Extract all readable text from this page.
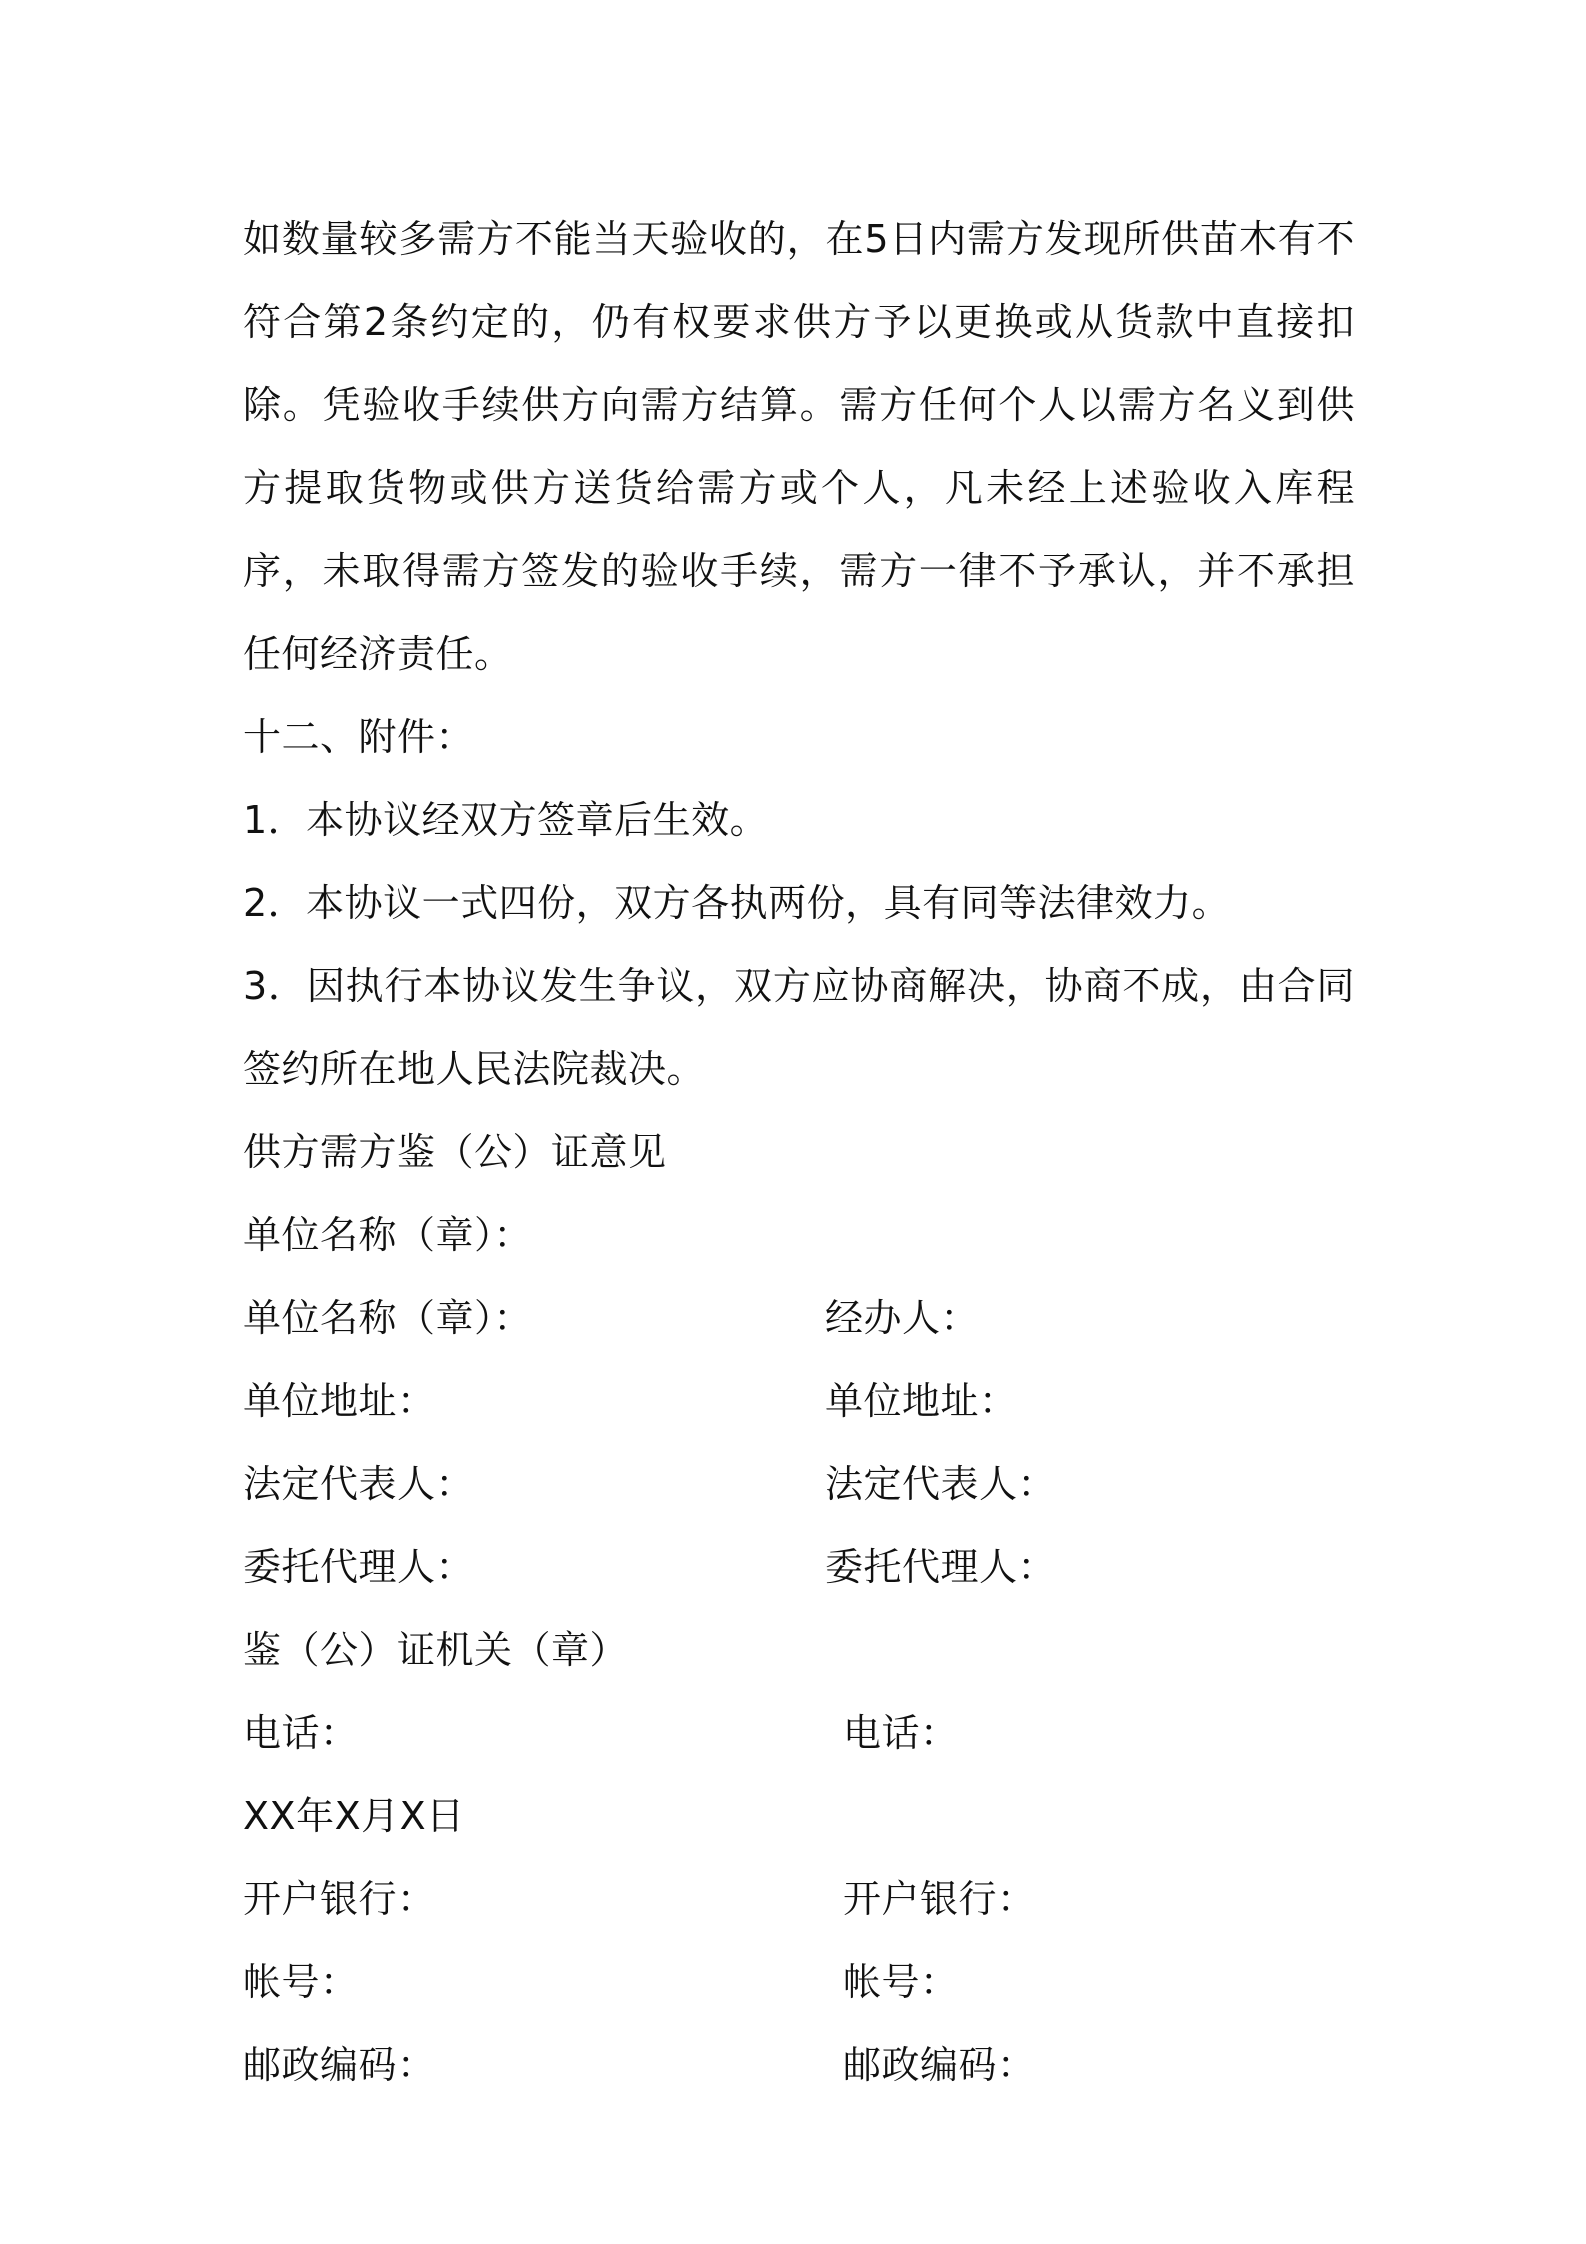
如数量较多需方不能当天验收的，在5日内需方发现所供苗木有不符合第2条约定的，仍有权要求供方予以更换或从货款中直接扣除。凭验收手续供方向需方结算。需方任何个人以需方名义到供方提取货物或供方送货给需方或个人，凡未经上述验收入库程序，未取得需方签发的验收手续，需方一律不予承认，并不承担任何经济责任。

十二、附件：

1．本协议经双方签章后生效。

2．本协议一式四份，双方各执两份，具有同等法律效力。

3．因执行本协议发生争议，双方应协商解决，协商不成，由合同签约所在地人民法院裁决。

供方需方鉴（公）证意见

单位名称（章）：

单位名称（章）：	经办人：
单位地址：	单位地址：
法定代表人：	法定代表人：
委托代理人：	委托代理人：

鉴（公）证机关（章）

电话：	电话：

XX年X月X日

开户银行：	开户银行：
帐号：	帐号：
邮政编码：	邮政编码：
